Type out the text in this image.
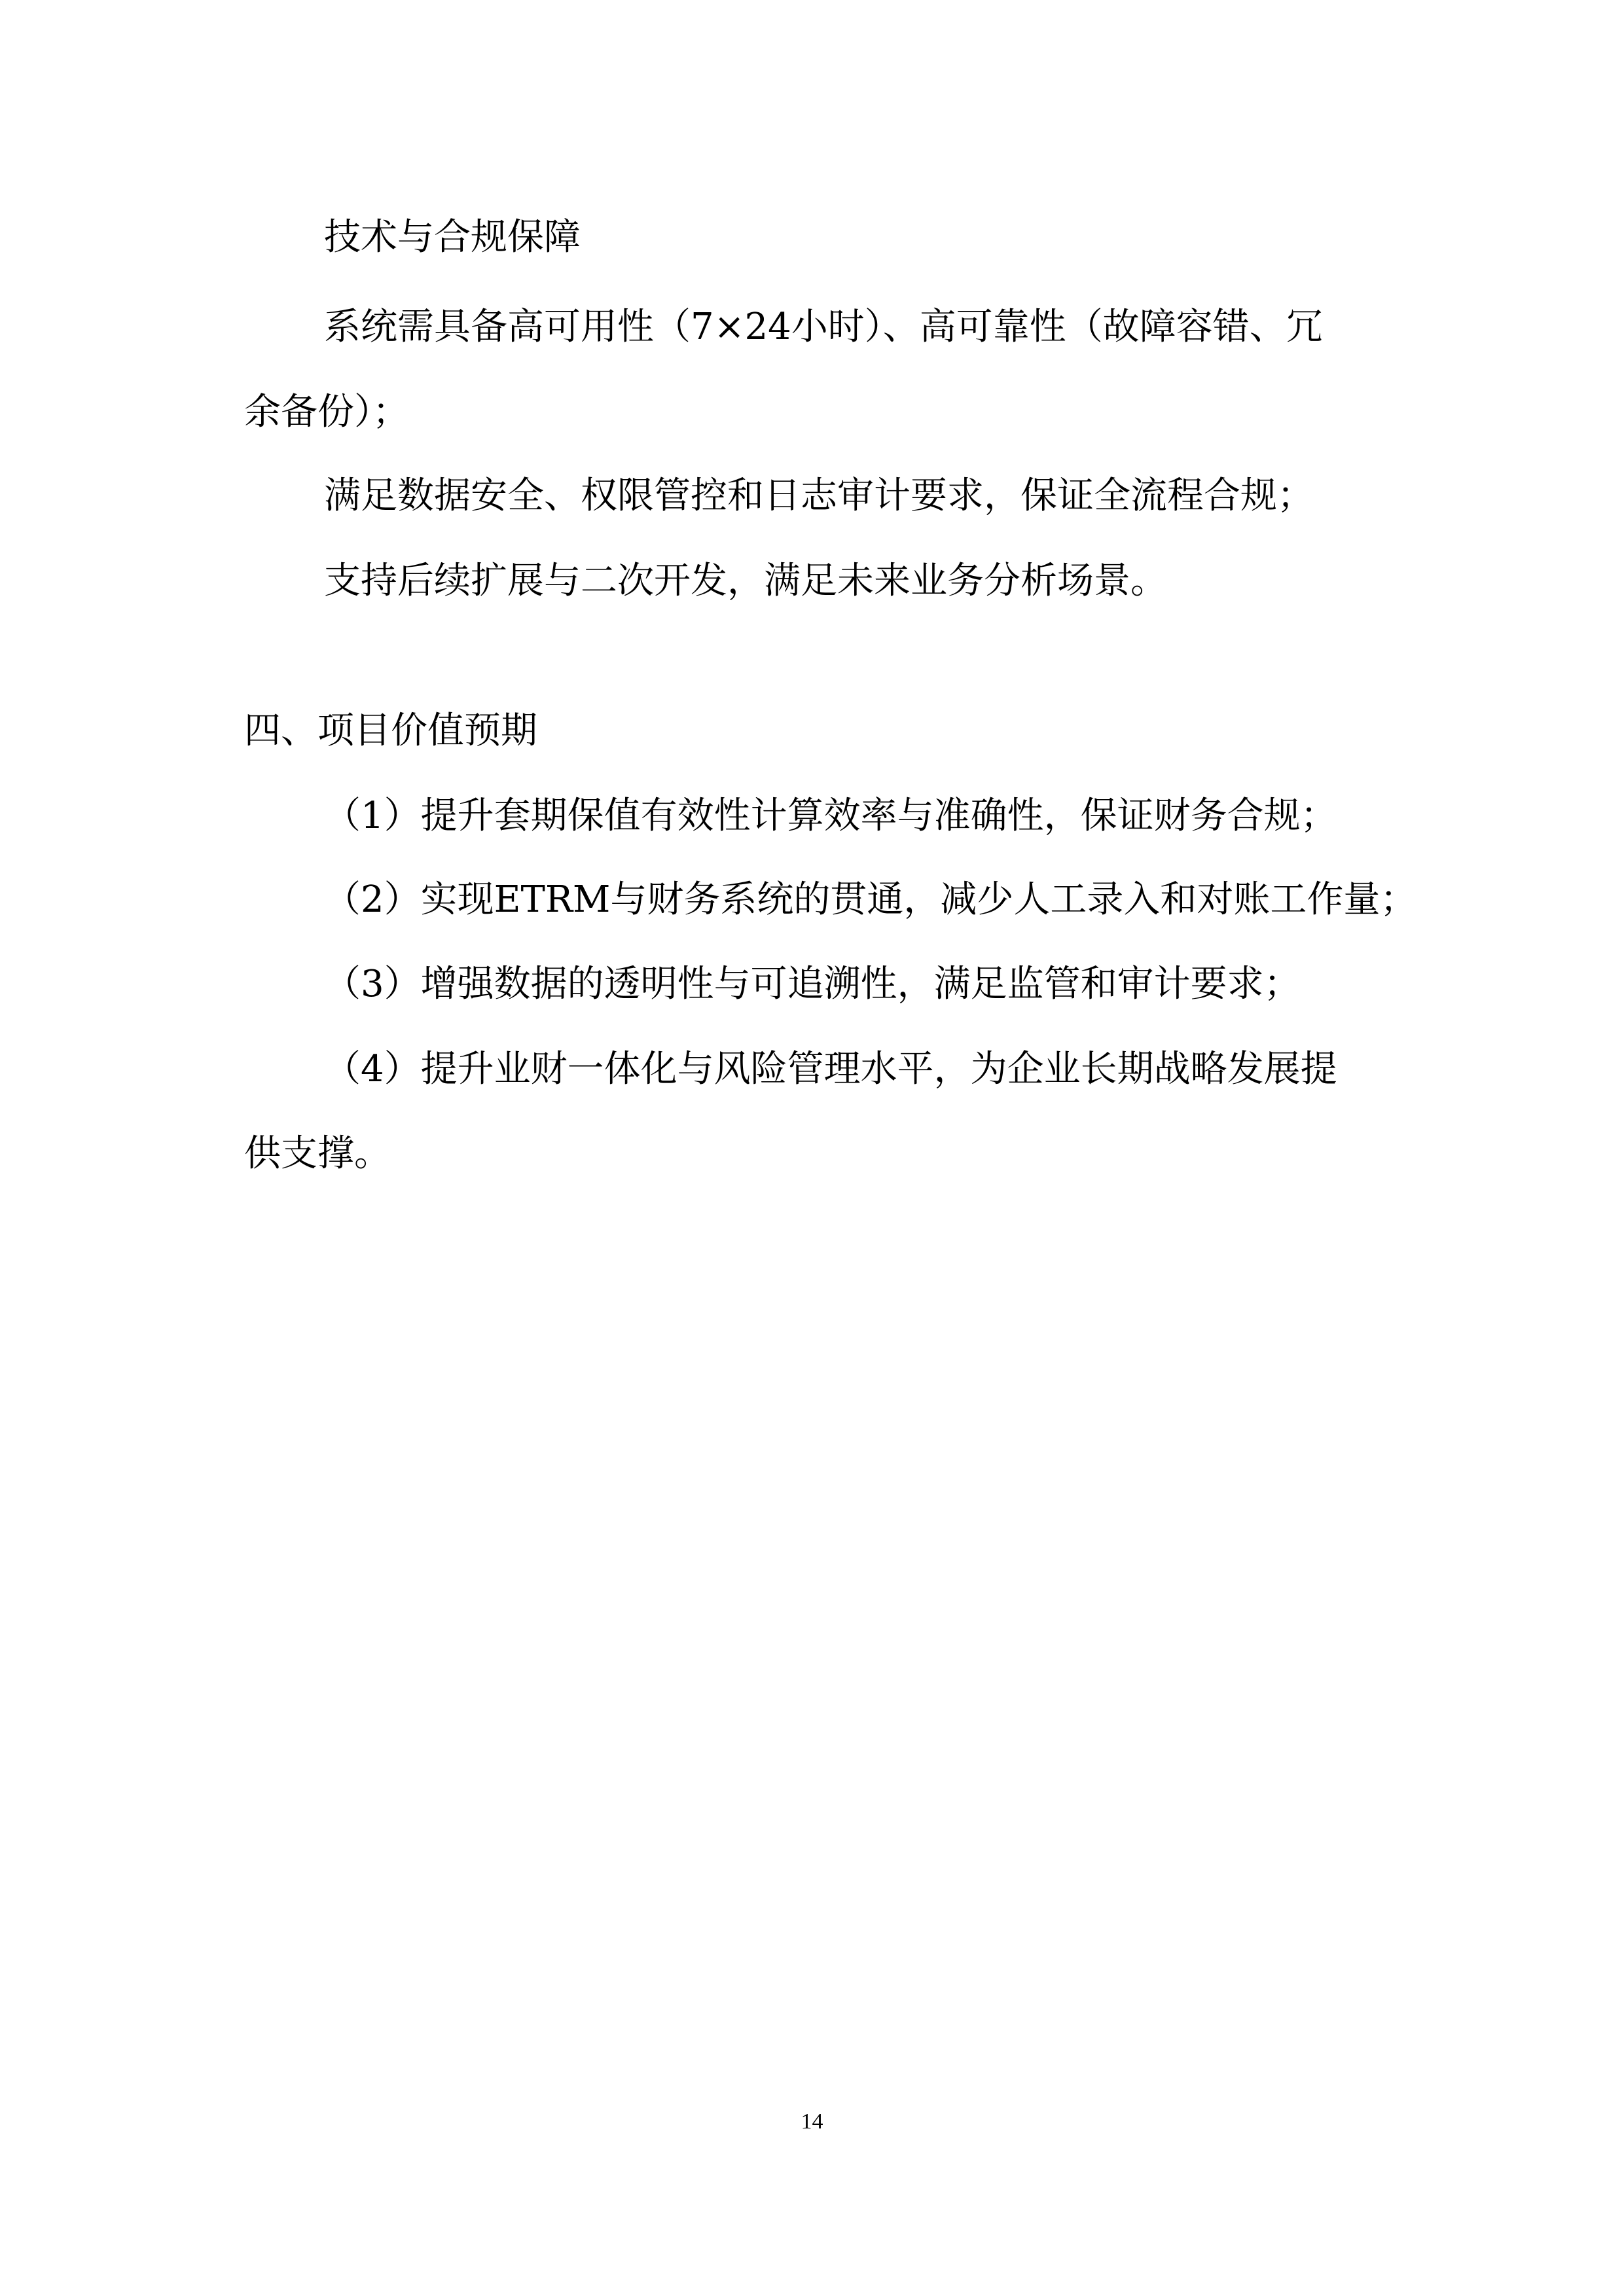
技术与合规保障

系统需具备高可用性（7×24小时）、高可靠性（故障容错、冗

余备份）；

满足数据安全、权限管控和日志审计要求，保证全流程合规；

支持后续扩展与二次开发，满足未来业务分析场景。

四、项目价值预期

（1）提升套期保值有效性计算效率与准确性，保证财务合规；

（2）实现ETRM与财务系统的贯通，减少人工录入和对账工作量；

（3）增强数据的透明性与可追溯性，满足监管和审计要求；

（4）提升业财一体化与风险管理水平，为企业长期战略发展提

供支撑。

14
